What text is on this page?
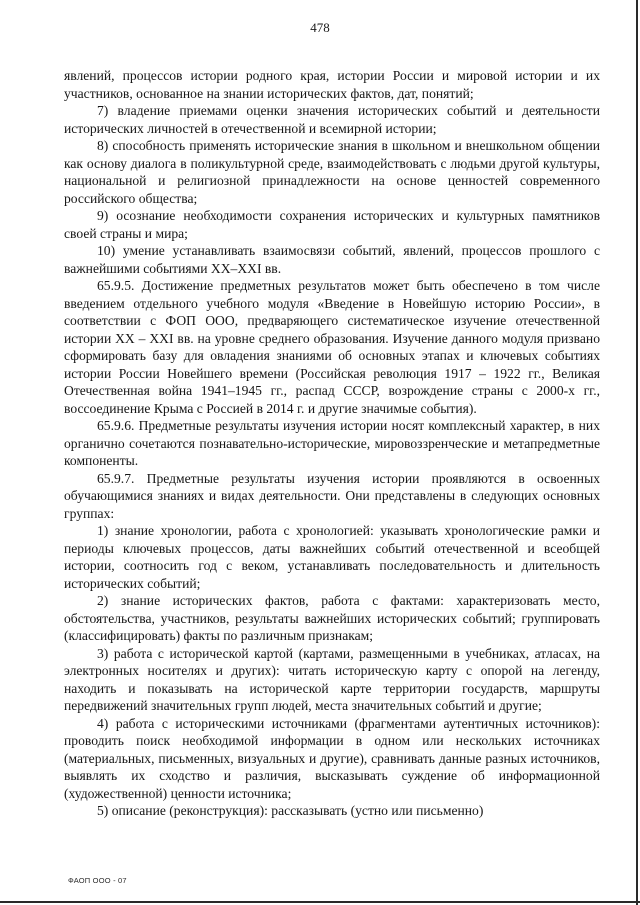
478

явлений, процессов истории родного края, истории России и мировой истории и их участников, основанное на знании исторических фактов, дат, понятий;

7) владение приемами оценки значения исторических событий и деятельности исторических личностей в отечественной и всемирной истории;

8) способность применять исторические знания в школьном и внешкольном общении как основу диалога в поликультурной среде, взаимодействовать с людьми другой культуры, национальной и религиозной принадлежности на основе ценностей современного российского общества;

9) осознание необходимости сохранения исторических и культурных памятников своей страны и мира;

10) умение устанавливать взаимосвязи событий, явлений, процессов прошлого с важнейшими событиями XX–XXI вв.

65.9.5. Достижение предметных результатов может быть обеспечено в том числе введением отдельного учебного модуля «Введение в Новейшую историю России», в соответствии с ФОП ООО, предваряющего систематическое изучение отечественной истории XX – XXI вв. на уровне среднего образования. Изучение данного модуля призвано сформировать базу для овладения знаниями об основных этапах и ключевых событиях истории России Новейшего времени (Российская революция 1917 – 1922 гг., Великая Отечественная война 1941–1945 гг., распад СССР, возрождение страны с 2000-х гг., воссоединение Крыма с Россией в 2014 г. и другие значимые события).

65.9.6. Предметные результаты изучения истории носят комплексный характер, в них органично сочетаются познавательно-исторические, мировоззренческие и метапредметные компоненты.

65.9.7. Предметные результаты изучения истории проявляются в освоенных обучающимися знаниях и видах деятельности. Они представлены в следующих основных группах:

1) знание хронологии, работа с хронологией: указывать хронологические рамки и периоды ключевых процессов, даты важнейших событий отечественной и всеобщей истории, соотносить год с веком, устанавливать последовательность и длительность исторических событий;

2) знание исторических фактов, работа с фактами: характеризовать место, обстоятельства, участников, результаты важнейших исторических событий; группировать (классифицировать) факты по различным признакам;

3) работа с исторической картой (картами, размещенными в учебниках, атласах, на электронных носителях и других): читать историческую карту с опорой на легенду, находить и показывать на исторической карте территории государств, маршруты передвижений значительных групп людей, места значительных событий и другие;

4) работа с историческими источниками (фрагментами аутентичных источников): проводить поиск необходимой информации в одном или нескольких источниках (материальных, письменных, визуальных и другие), сравнивать данные разных источников, выявлять их сходство и различия, высказывать суждение об информационной (художественной) ценности источника;

5) описание (реконструкция): рассказывать (устно или письменно)

ФАОП ООО - 07
